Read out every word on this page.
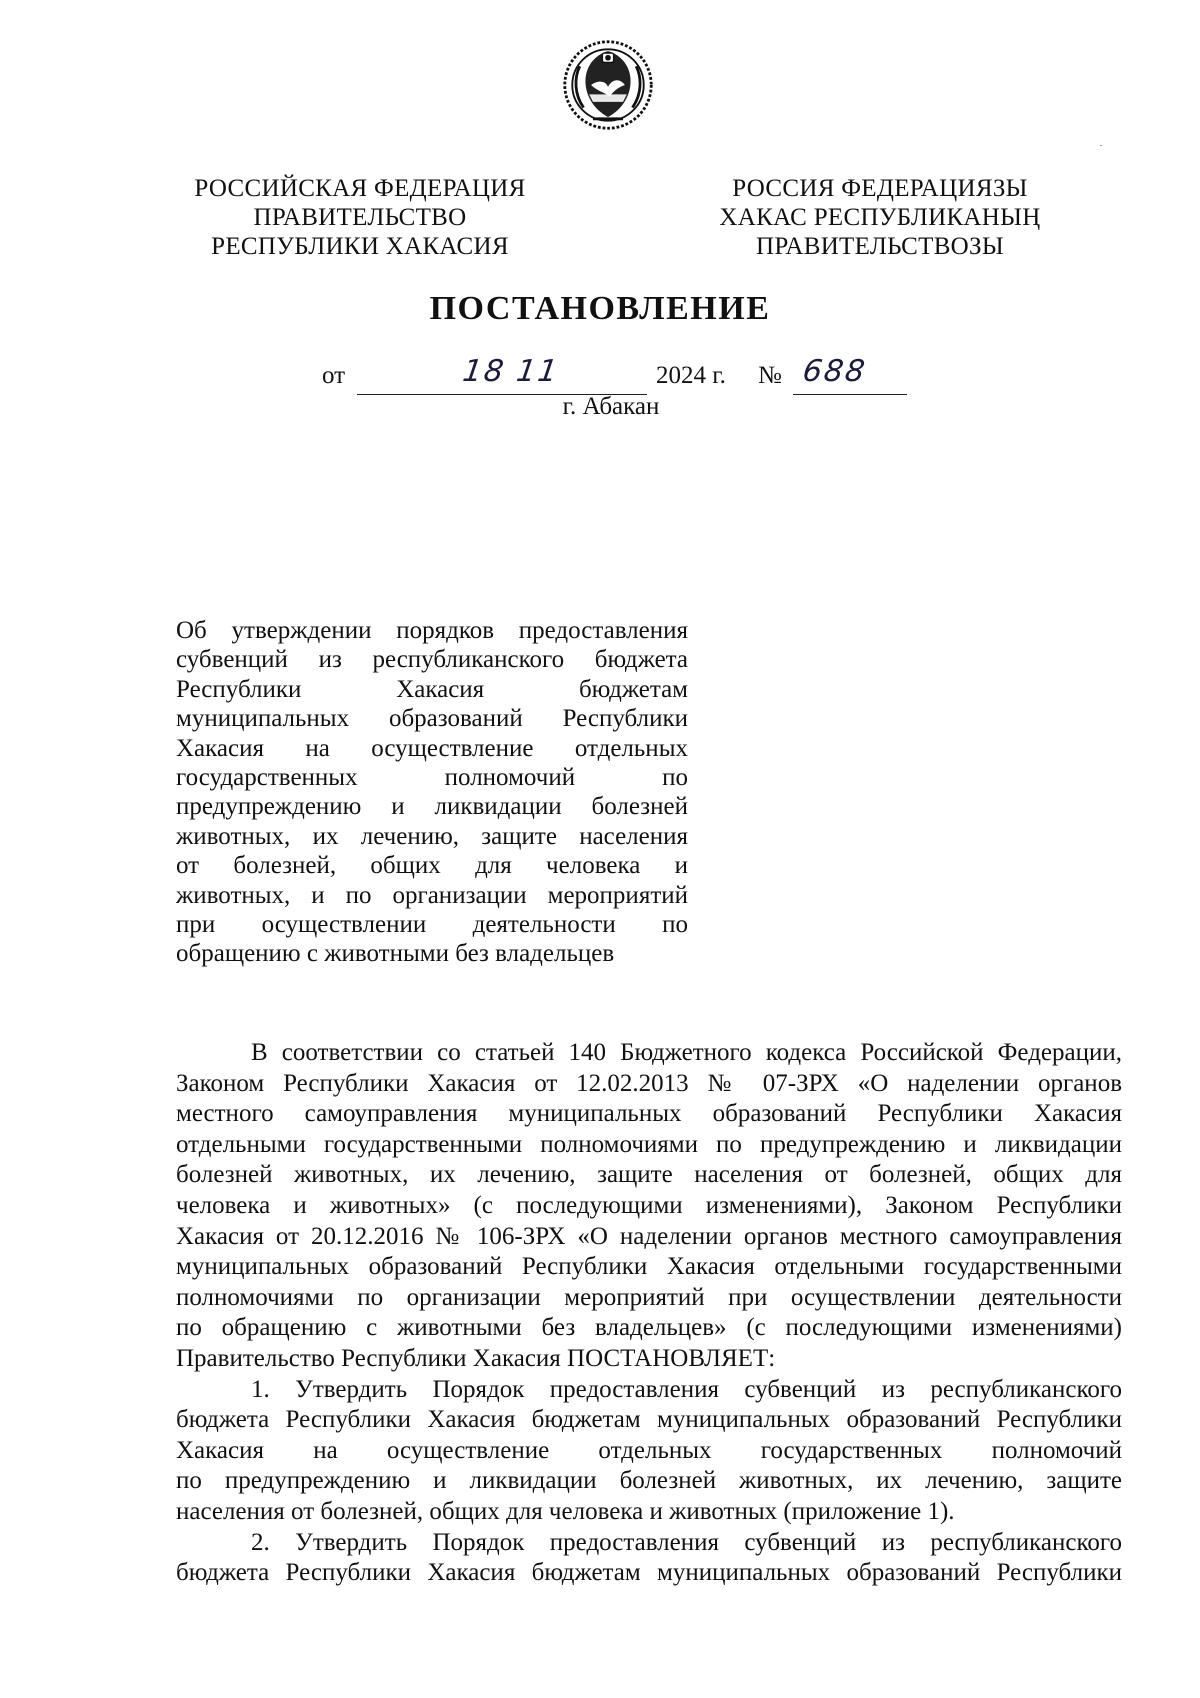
РОССИЙСКАЯ ФЕДЕРАЦИЯ
ПРАВИТЕЛЬСТВО
РЕСПУБЛИКИ ХАКАСИЯ
РОССИЯ ФЕДЕРАЦИЯЗЫ
ХАКАС РЕСПУБЛИКАНЫҢ
ПРАВИТЕЛЬСТВОЗЫ
ПОСТАНОВЛЕНИЕ
от	18 11	2024 г. № 688
г. Абакан
Об утверждении порядков предоставления
субвенций из республиканского бюджета
Республики Хакасия бюджетам
муниципальных образований Республики
Хакасия на осуществление отдельных
государственных полномочий по
предупреждению и ликвидации болезней
животных, их лечению, защите населения
от болезней, общих для человека и
животных, и по организации мероприятий
при осуществлении деятельности по
обращению с животными без владельцев
В соответствии со статьей 140 Бюджетного кодекса Российской Федерации,
Законом Республики Хакасия от 12.02.2013 № 07-ЗРХ «О наделении органов
местного самоуправления муниципальных образований Республики Хакасия
отдельными государственными полномочиями по предупреждению и ликвидации
болезней животных, их лечению, защите населения от болезней, общих для
человека и животных» (с последующими изменениями), Законом Республики
Хакасия от 20.12.2016 № 106-ЗРХ «О наделении органов местного самоуправления
муниципальных образований Республики Хакасия отдельными государственными
полномочиями по организации мероприятий при осуществлении деятельности
по обращению с животными без владельцев» (с последующими изменениями)
Правительство Республики Хакасия ПОСТАНОВЛЯЕТ:
1. Утвердить Порядок предоставления субвенций из республиканского
бюджета Республики Хакасия бюджетам муниципальных образований Республики
Хакасия на осуществление отдельных государственных полномочий
по предупреждению и ликвидации болезней животных, их лечению, защите
населения от болезней, общих для человека и животных (приложение 1).
2. Утвердить Порядок предоставления субвенций из республиканского
бюджета Республики Хакасия бюджетам муниципальных образований Республики
